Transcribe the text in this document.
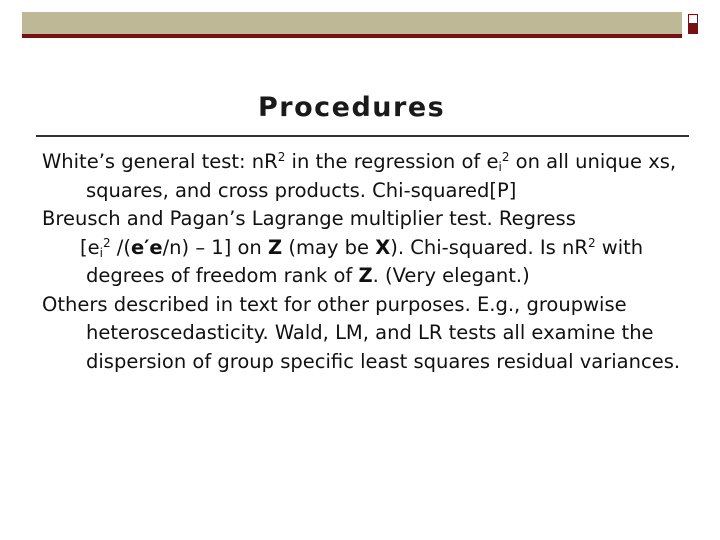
Procedures

White’s general test: $nR^2$ in the regression of $e_i^2$ on all unique xs, squares, and cross products. Chi-squared[P]

Breusch and Pagan’s Lagrange multiplier test. Regress
[$e_i^2$ /(e′e/n) – 1] on Z (may be X). Chi-squared. Is $nR^2$ with degrees of freedom rank of Z. (Very elegant.)

Others described in text for other purposes. E.g., groupwise heteroscedasticity. Wald, LM, and LR tests all examine the dispersion of group specific least squares residual variances.
